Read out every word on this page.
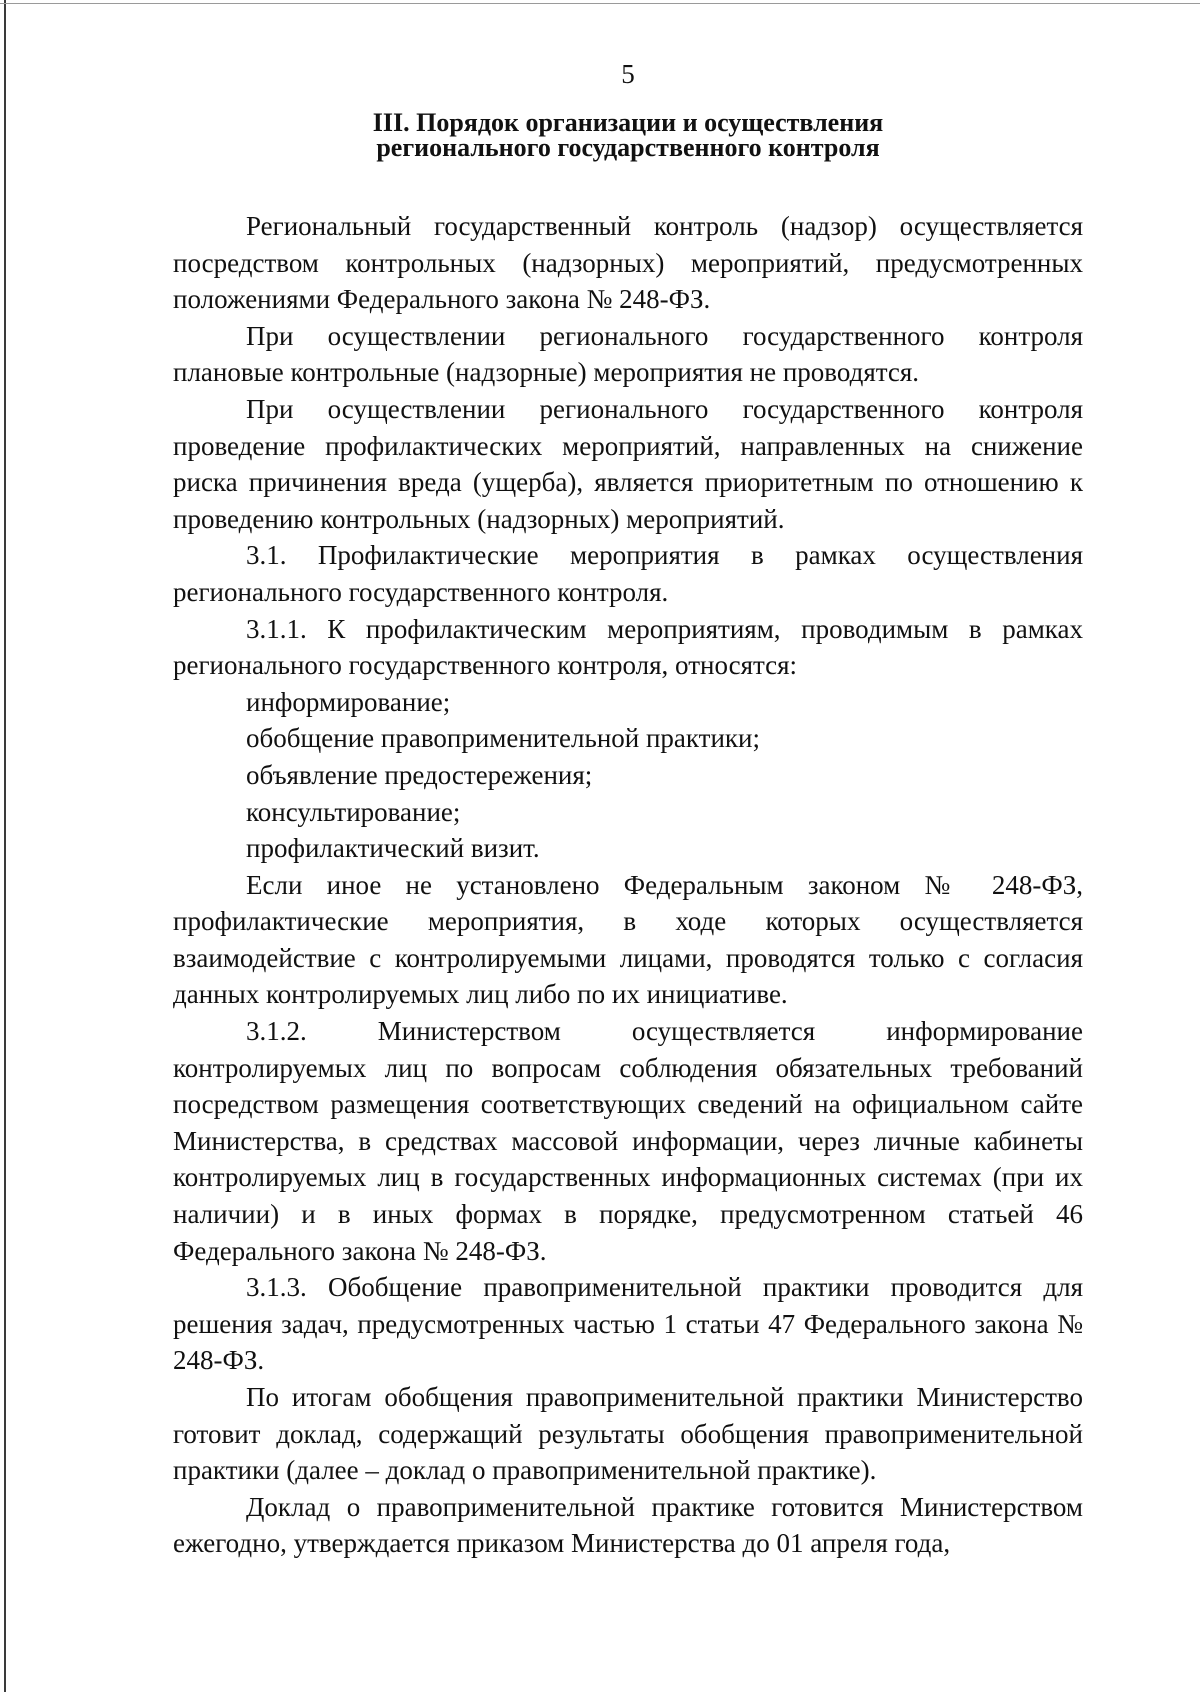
5
III. Порядок организации и осуществления
регионального государственного контроля

Региональный государственный контроль (надзор) осуществляется посредством контрольных (надзорных) мероприятий, предусмотренных положениями Федерального закона № 248-ФЗ.

При осуществлении регионального государственного контроля плановые контрольные (надзорные) мероприятия не проводятся.

При осуществлении регионального государственного контроля проведение профилактических мероприятий, направленных на снижение риска причинения вреда (ущерба), является приоритетным по отношению к проведению контрольных (надзорных) мероприятий.

3.1. Профилактические мероприятия в рамках осуществления регионального государственного контроля.

3.1.1. К профилактическим мероприятиям, проводимым в рамках регионального государственного контроля, относятся:

информирование;

обобщение правоприменительной практики;

объявление предостережения;

консультирование;

профилактический визит.

Если иное не установлено Федеральным законом № 248-ФЗ, профилактические мероприятия, в ходе которых осуществляется взаимодействие с контролируемыми лицами, проводятся только с согласия данных контролируемых лиц либо по их инициативе.

3.1.2. Министерством осуществляется информирование контролируемых лиц по вопросам соблюдения обязательных требований посредством размещения соответствующих сведений на официальном сайте Министерства, в средствах массовой информации, через личные кабинеты контролируемых лиц в государственных информационных системах (при их наличии) и в иных формах в порядке, предусмотренном статьей 46 Федерального закона № 248-ФЗ.

3.1.3. Обобщение правоприменительной практики проводится для решения задач, предусмотренных частью 1 статьи 47 Федерального закона № 248-ФЗ.

По итогам обобщения правоприменительной практики Министерство готовит доклад, содержащий результаты обобщения правоприменительной практики (далее – доклад о правоприменительной практике).

Доклад о правоприменительной практике готовится Министерством ежегодно, утверждается приказом Министерства до 01 апреля года,
